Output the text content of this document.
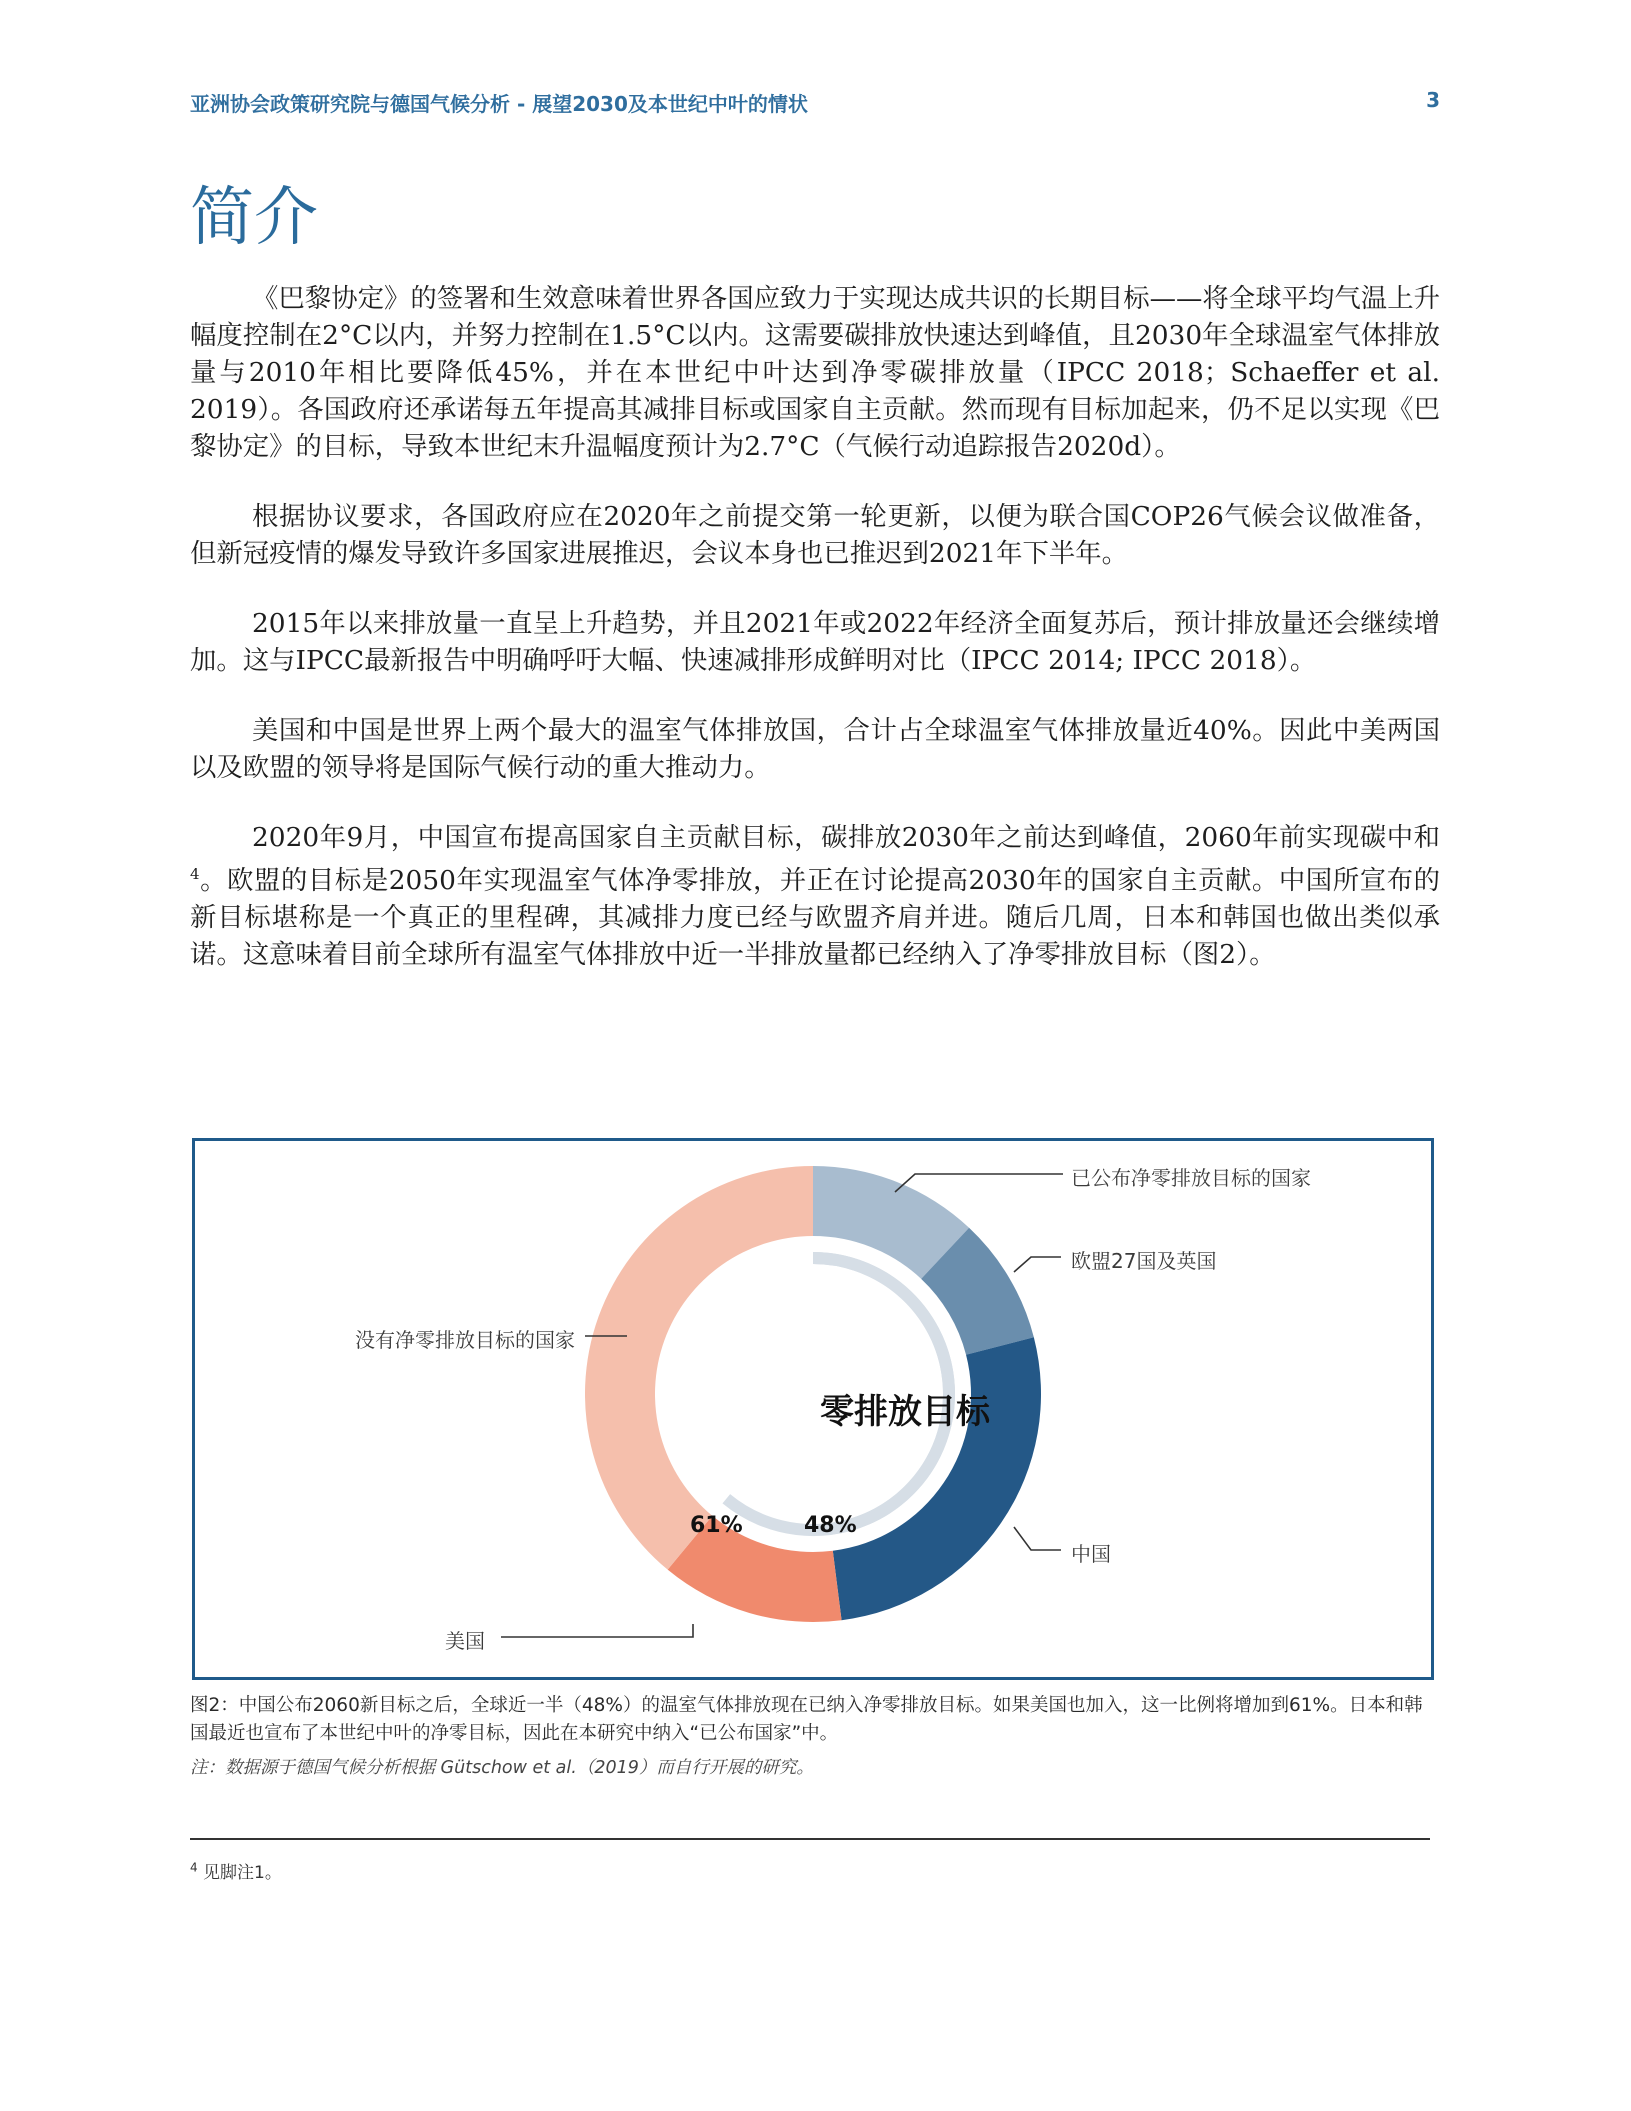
亚洲协会政策研究院与德国气候分析 - 展望2030及本世纪中叶的情状	3
简介

《巴黎协定》的签署和生效意味着世界各国应致力于实现达成共识的长期目标——将全球平均气温上升幅度控制在2°C以内，并努力控制在1.5°C以内。这需要碳排放快速达到峰值，且2030年全球温室气体排放量与2010年相比要降低45%，并在本世纪中叶达到净零碳排放量（IPCC 2018；Schaeffer et al. 2019）。各国政府还承诺每五年提高其减排目标或国家自主贡献。然而现有目标加起来，仍不足以实现《巴黎协定》的目标，导致本世纪末升温幅度预计为2.7°C（气候行动追踪报告2020d）。

根据协议要求，各国政府应在2020年之前提交第一轮更新，以便为联合国COP26气候会议做准备，但新冠疫情的爆发导致许多国家进展推迟，会议本身也已推迟到2021年下半年。

2015年以来排放量一直呈上升趋势，并且2021年或2022年经济全面复苏后，预计排放量还会继续增加。这与IPCC最新报告中明确呼吁大幅、快速减排形成鲜明对比（IPCC 2014; IPCC 2018）。

美国和中国是世界上两个最大的温室气体排放国，合计占全球温室气体排放量近40%。因此中美两国以及欧盟的领导将是国际气候行动的重大推动力。

2020年9月，中国宣布提高国家自主贡献目标，碳排放2030年之前达到峰值，2060年前实现碳中和$^4$。欧盟的目标是2050年实现温室气体净零排放，并正在讨论提高2030年的国家自主贡献。中国所宣布的新目标堪称是一个真正的里程碑，其减排力度已经与欧盟齐肩并进。随后几周，日本和韩国也做出类似承诺。这意味着目前全球所有温室气体排放中近一半排放量都已经纳入了净零排放目标（图2）。

已公布净零排放目标的国家
欧盟27国及英国
中国
美国
没有净零排放目标的国家
零排放目标
48%
61%
图2：中国公布2060新目标之后，全球近一半（48%）的温室气体排放现在已纳入净零排放目标。如果美国也加入，这一比例将增加到61%。日本和韩国最近也宣布了本世纪中叶的净零目标，因此在本研究中纳入“已公布国家”中。
注：数据源于德国气候分析根据 Gütschow et al.（2019）而自行开展的研究。
$^4$ 见脚注1。
